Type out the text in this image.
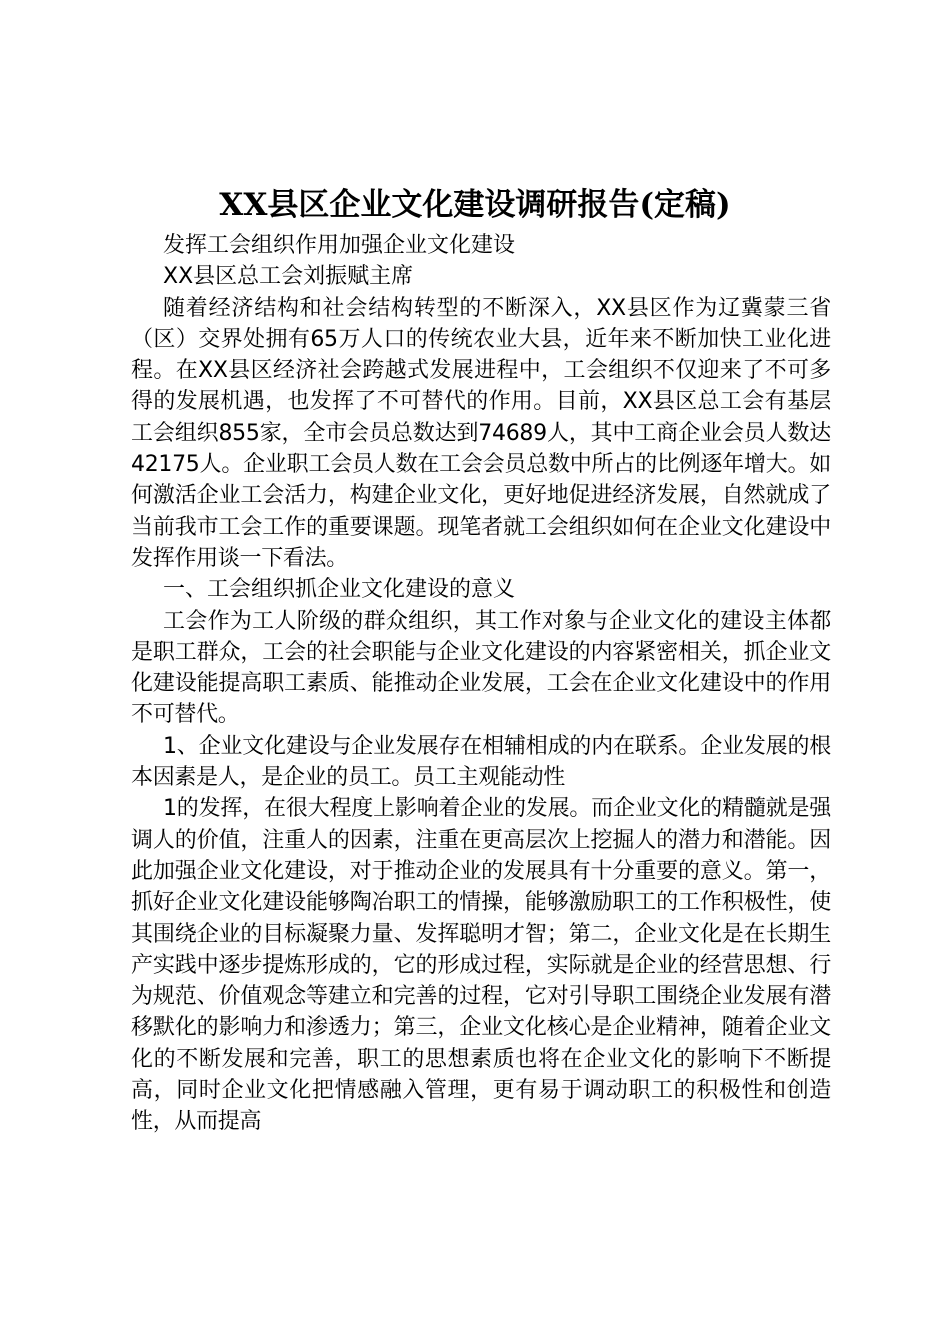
XX县区企业文化建设调研报告(定稿)

发挥工会组织作用加强企业文化建设

XX县区总工会刘振赋主席

随着经济结构和社会结构转型的不断深入，XX县区作为辽冀蒙三省（区）交界处拥有65万人口的传统农业大县，近年来不断加快工业化进程。在XX县区经济社会跨越式发展进程中，工会组织不仅迎来了不可多得的发展机遇，也发挥了不可替代的作用。目前，XX县区总工会有基层工会组织855家，全市会员总数达到74689人，其中工商企业会员人数达42175人。企业职工会员人数在工会会员总数中所占的比例逐年增大。如何激活企业工会活力，构建企业文化，更好地促进经济发展，自然就成了当前我市工会工作的重要课题。现笔者就工会组织如何在企业文化建设中发挥作用谈一下看法。

一、工会组织抓企业文化建设的意义

工会作为工人阶级的群众组织，其工作对象与企业文化的建设主体都是职工群众，工会的社会职能与企业文化建设的内容紧密相关，抓企业文化建设能提高职工素质、能推动企业发展，工会在企业文化建设中的作用不可替代。

1、企业文化建设与企业发展存在相辅相成的内在联系。企业发展的根本因素是人，是企业的员工。员工主观能动性

1的发挥，在很大程度上影响着企业的发展。而企业文化的精髓就是强调人的价值，注重人的因素，注重在更高层次上挖掘人的潜力和潜能。因此加强企业文化建设，对于推动企业的发展具有十分重要的意义。第一，抓好企业文化建设能够陶冶职工的情操，能够激励职工的工作积极性，使其围绕企业的目标凝聚力量、发挥聪明才智；第二，企业文化是在长期生产实践中逐步提炼形成的，它的形成过程，实际就是企业的经营思想、行为规范、价值观念等建立和完善的过程，它对引导职工围绕企业发展有潜移默化的影响力和渗透力；第三，企业文化核心是企业精神，随着企业文化的不断发展和完善，职工的思想素质也将在企业文化的影响下不断提高，同时企业文化把情感融入管理，更有易于调动职工的积极性和创造性，从而提高
